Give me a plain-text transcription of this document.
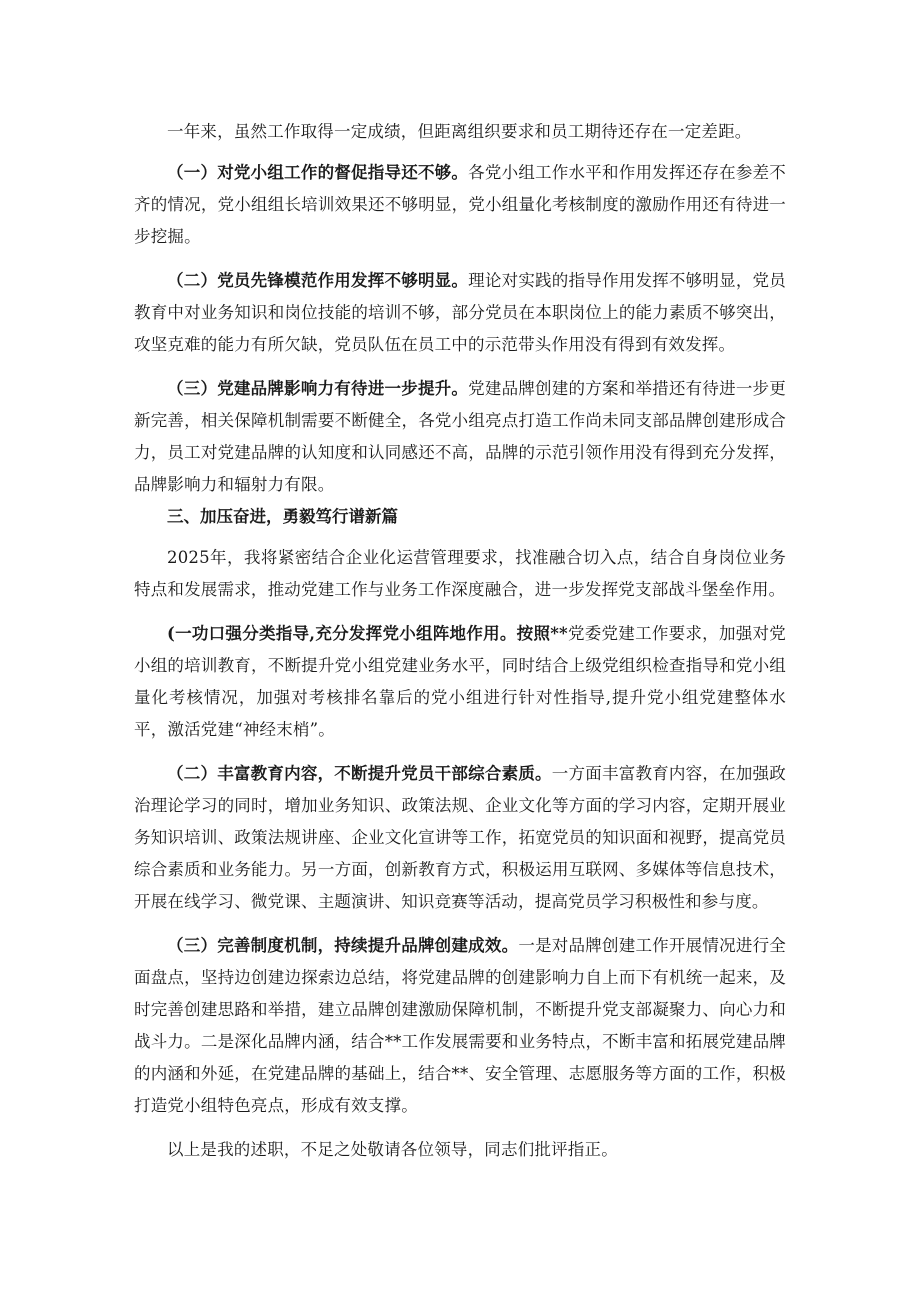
一年来，虽然工作取得一定成绩，但距离组织要求和员工期待还存在一定差距。

（一）对党小组工作的督促指导还不够。各党小组工作水平和作用发挥还存在参差不齐的情况，党小组组长培训效果还不够明显，党小组量化考核制度的激励作用还有待进一步挖掘。

（二）党员先锋模范作用发挥不够明显。理论对实践的指导作用发挥不够明显，党员教育中对业务知识和岗位技能的培训不够，部分党员在本职岗位上的能力素质不够突出，攻坚克难的能力有所欠缺，党员队伍在员工中的示范带头作用没有得到有效发挥。

（三）党建品牌影响力有待进一步提升。党建品牌创建的方案和举措还有待进一步更新完善，相关保障机制需要不断健全，各党小组亮点打造工作尚未同支部品牌创建形成合力，员工对党建品牌的认知度和认同感还不高，品牌的示范引领作用没有得到充分发挥，品牌影响力和辐射力有限。

三、加压奋进，勇毅笃行谱新篇

2025年，我将紧密结合企业化运营管理要求，找准融合切入点，结合自身岗位业务特点和发展需求，推动党建工作与业务工作深度融合，进一步发挥党支部战斗堡垒作用。

(一功口强分类指导,充分发挥党小组阵地作用。按照**党委党建工作要求，加强对党小组的培训教育，不断提升党小组党建业务水平，同时结合上级党组织检查指导和党小组量化考核情况，加强对考核排名靠后的党小组进行针对性指导,提升党小组党建整体水平，激活党建“神经末梢”。

（二）丰富教育内容，不断提升党员干部综合素质。一方面丰富教育内容，在加强政治理论学习的同时，增加业务知识、政策法规、企业文化等方面的学习内容，定期开展业务知识培训、政策法规讲座、企业文化宣讲等工作，拓宽党员的知识面和视野，提高党员综合素质和业务能力。另一方面，创新教育方式，积极运用互联网、多媒体等信息技术，开展在线学习、微党课、主题演讲、知识竞赛等活动，提高党员学习积极性和参与度。

（三）完善制度机制，持续提升品牌创建成效。一是对品牌创建工作开展情况进行全面盘点，坚持边创建边探索边总结，将党建品牌的创建影响力自上而下有机统一起来，及时完善创建思路和举措，建立品牌创建激励保障机制，不断提升党支部凝聚力、向心力和战斗力。二是深化品牌内涵，结合**工作发展需要和业务特点，不断丰富和拓展党建品牌的内涵和外延，在党建品牌的基础上，结合**、安全管理、志愿服务等方面的工作，积极打造党小组特色亮点，形成有效支撑。

以上是我的述职，不足之处敬请各位领导，同志们批评指正。
